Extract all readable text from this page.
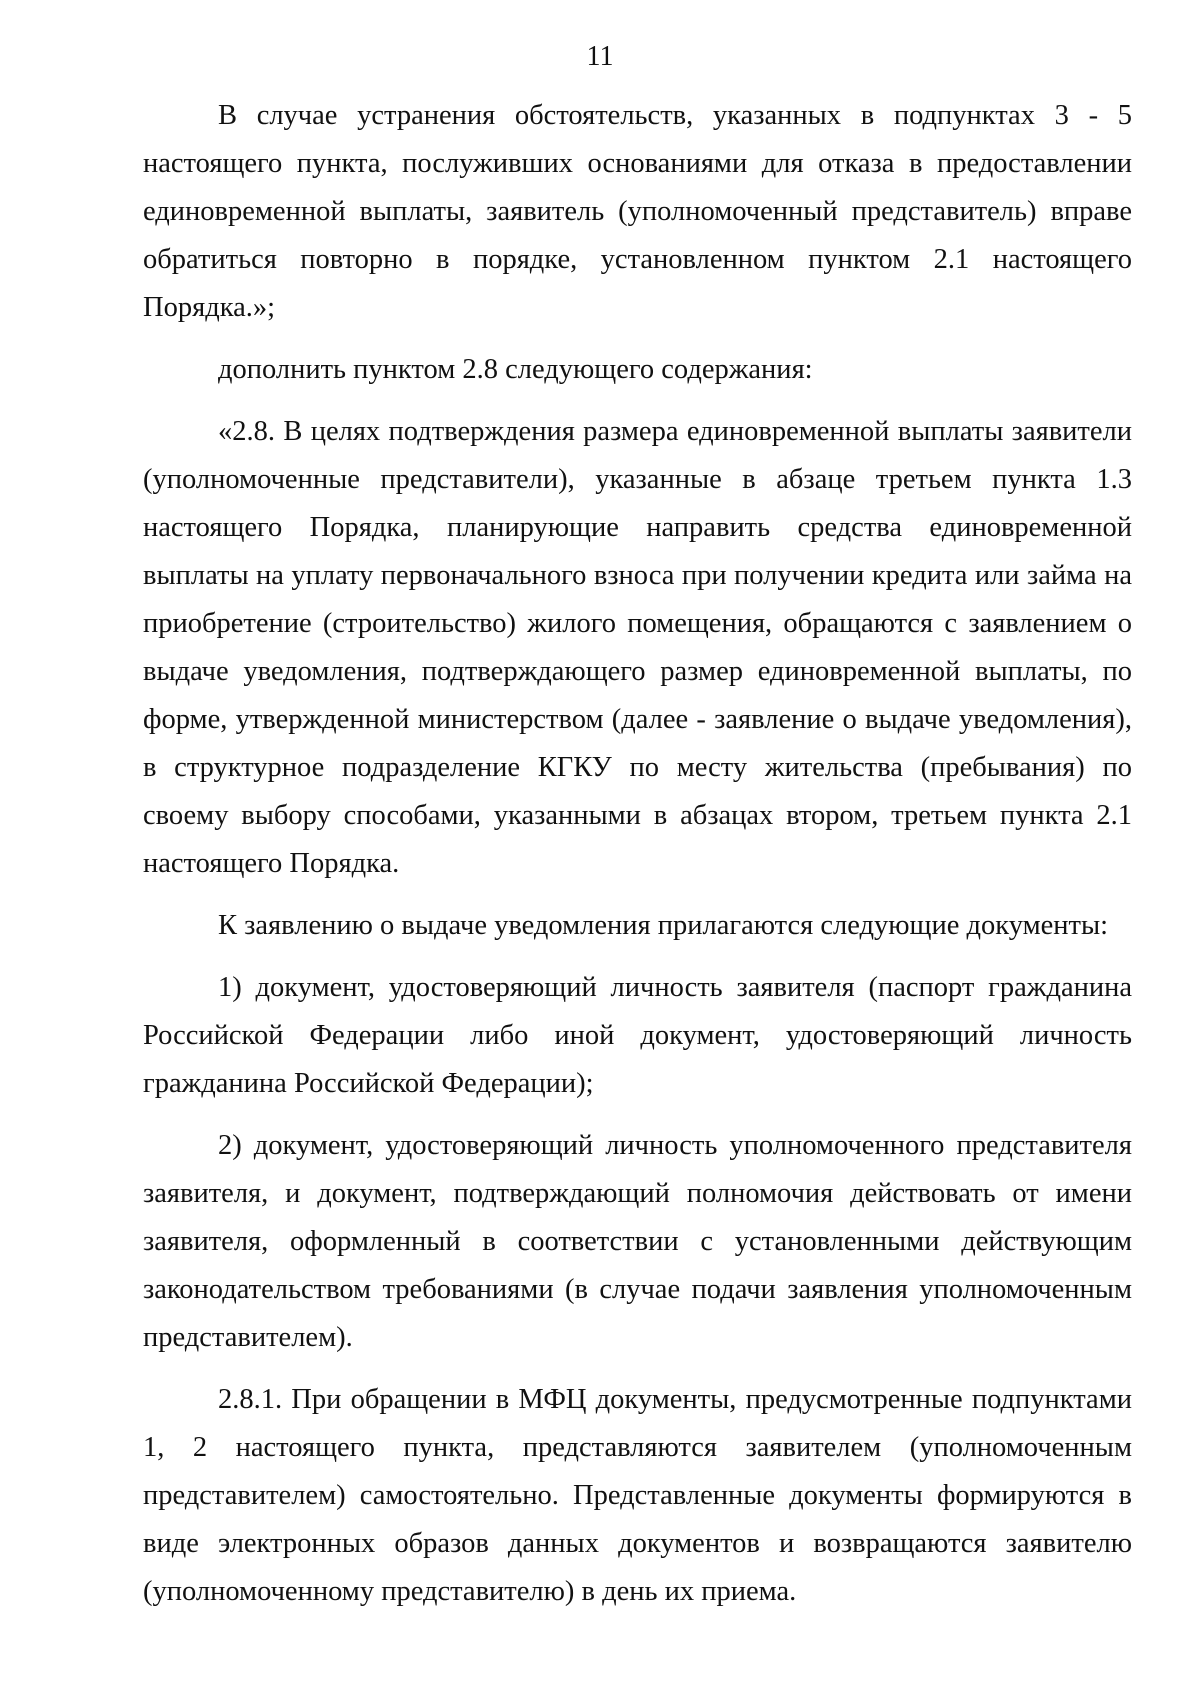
11

В случае устранения обстоятельств, указанных в подпунктах 3 - 5 настоящего пункта, послуживших основаниями для отказа в предоставлении единовременной выплаты, заявитель (уполномоченный представитель) вправе обратиться повторно в порядке, установленном пунктом 2.1 настоящего Порядка.»;

дополнить пунктом 2.8 следующего содержания:

«2.8. В целях подтверждения размера единовременной выплаты заявители (уполномоченные представители), указанные в абзаце третьем пункта 1.3 настоящего Порядка, планирующие направить средства единовременной выплаты на уплату первоначального взноса при получении кредита или займа на приобретение (строительство) жилого помещения, обращаются с заявлением о выдаче уведомления, подтверждающего размер единовременной выплаты, по форме, утвержденной министерством (далее - заявление о выдаче уведомления), в структурное подразделение КГКУ по месту жительства (пребывания) по своему выбору способами, указанными в абзацах втором, третьем пункта 2.1 настоящего Порядка.

К заявлению о выдаче уведомления прилагаются следующие документы:

1) документ, удостоверяющий личность заявителя (паспорт гражданина Российской Федерации либо иной документ, удостоверяющий личность гражданина Российской Федерации);

2) документ, удостоверяющий личность уполномоченного представителя заявителя, и документ, подтверждающий полномочия действовать от имени заявителя, оформленный в соответствии с установленными действующим законодательством требованиями (в случае подачи заявления уполномоченным представителем).

2.8.1. При обращении в МФЦ документы, предусмотренные подпунктами 1, 2 настоящего пункта, представляются заявителем (уполномоченным представителем) самостоятельно. Представленные документы формируются в виде электронных образов данных документов и возвращаются заявителю (уполномоченному представителю) в день их приема.
